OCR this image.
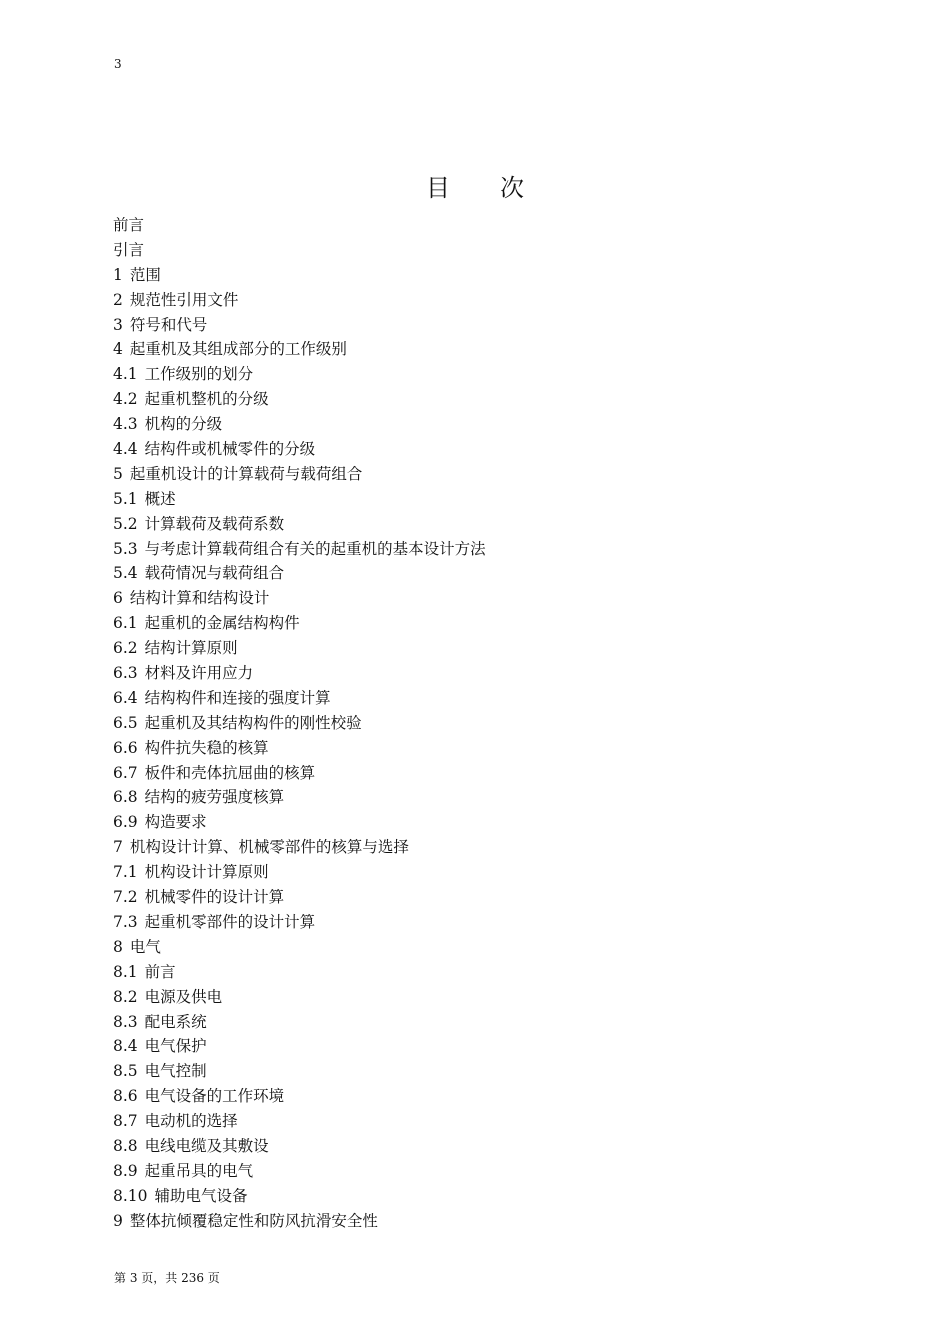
3
目次
前言
引言
1 范围
2 规范性引用文件
3 符号和代号
4 起重机及其组成部分的工作级别
4.1 工作级别的划分
4.2 起重机整机的分级
4.3 机构的分级
4.4 结构件或机械零件的分级
5 起重机设计的计算载荷与载荷组合
5.1 概述
5.2 计算载荷及载荷系数
5.3 与考虑计算载荷组合有关的起重机的基本设计方法
5.4 载荷情况与载荷组合
6 结构计算和结构设计
6.1 起重机的金属结构构件
6.2 结构计算原则
6.3 材料及许用应力
6.4 结构构件和连接的强度计算
6.5 起重机及其结构构件的刚性校验
6.6 构件抗失稳的核算
6.7 板件和壳体抗屈曲的核算
6.8 结构的疲劳强度核算
6.9 构造要求
7 机构设计计算、机械零部件的核算与选择
7.1 机构设计计算原则
7.2 机械零件的设计计算
7.3 起重机零部件的设计计算
8 电气
8.1 前言
8.2 电源及供电
8.3 配电系统
8.4 电气保护
8.5 电气控制
8.6 电气设备的工作环境
8.7 电动机的选择
8.8 电线电缆及其敷设
8.9 起重吊具的电气
8.10 辅助电气设备
9 整体抗倾覆稳定性和防风抗滑安全性
第 3 页，共 236 页
